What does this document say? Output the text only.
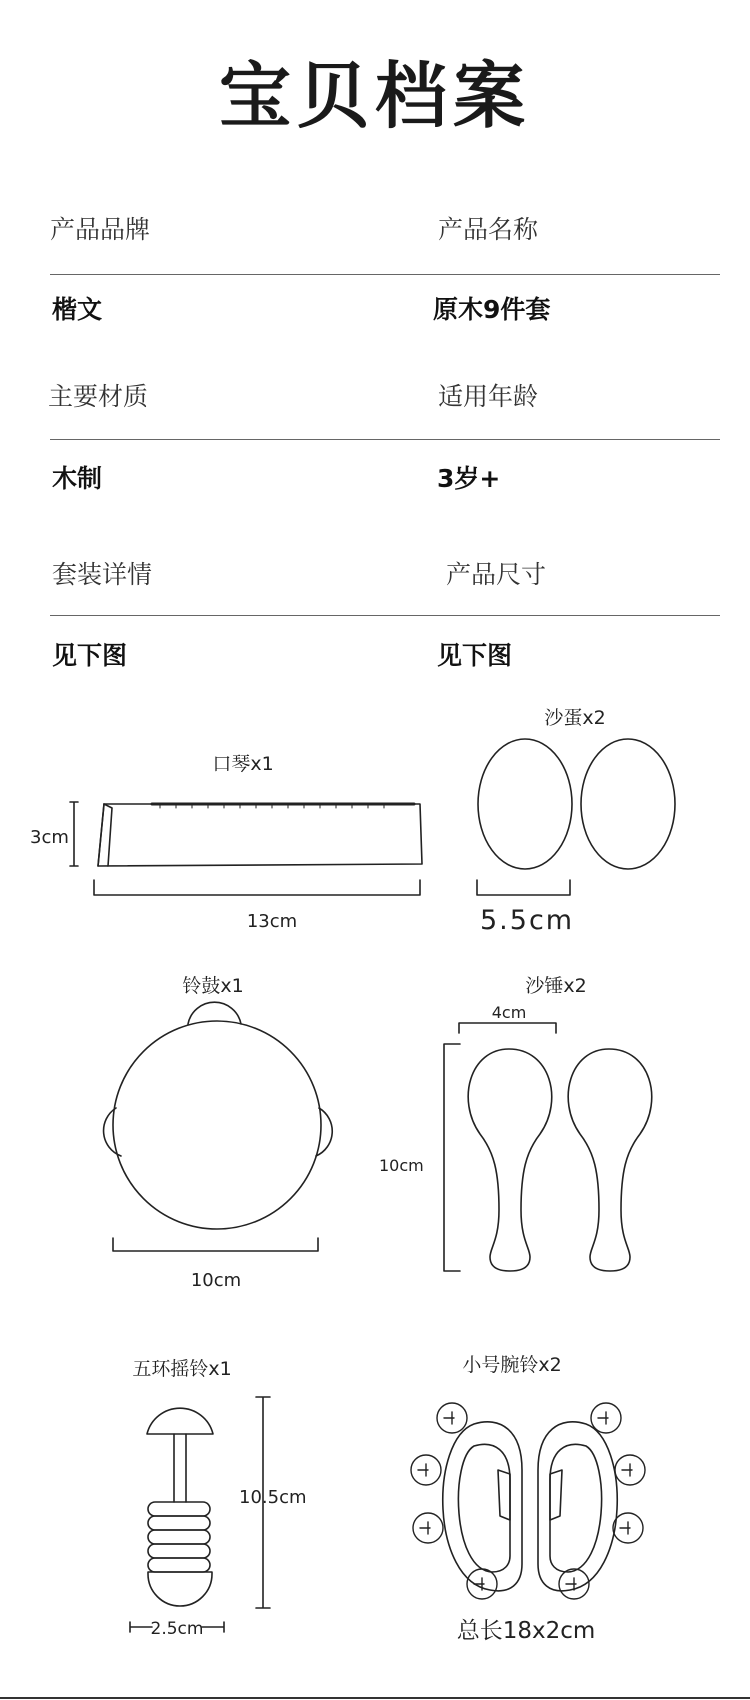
宝贝档案
产品品牌	产品名称
楷文	原木9件套
主要材质	适用年龄
木制	3岁+
套装详情	产品尺寸
见下图	见下图
口琴x1
3cm
13cm
沙蛋x2
5.5cm
铃鼓x1
10cm
沙锤x2
4cm
10cm
五环摇铃x1
10.5cm
2.5cm
小号腕铃x2
总长18x2cm
